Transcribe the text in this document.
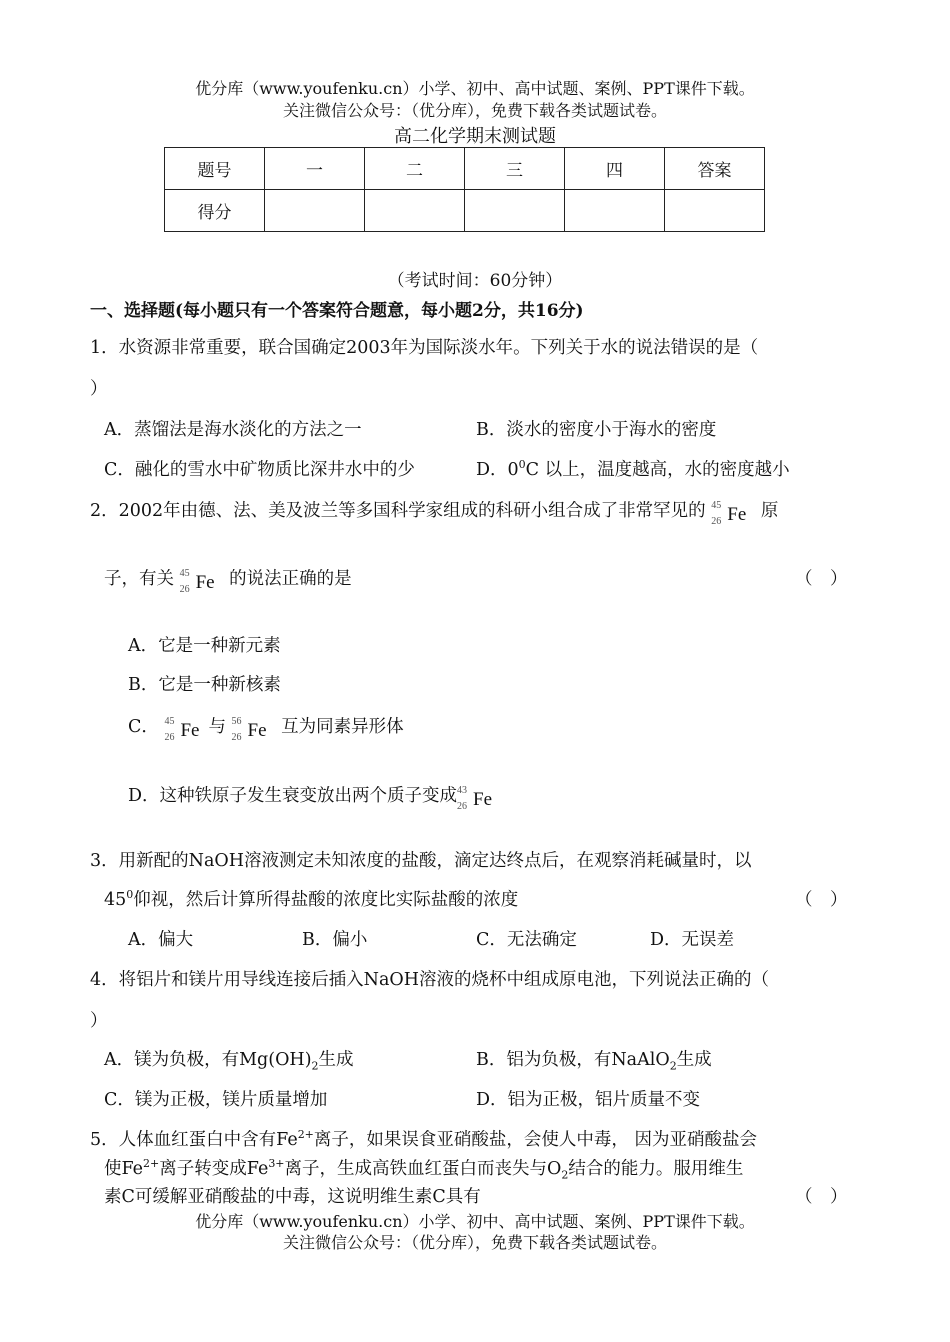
优分库（www.youfenku.cn）小学、初中、高中试题、案例、PPT课件下载。
关注微信公众号：（优分库），免费下载各类试题试卷。
高二化学期末测试题
题号	一	二	三	四	答案
得分					
（考试时间：60分钟）
一、选择题(每小题只有一个答案符合题意，每小题2分，共16分)
1．水资源非常重要，联合国确定2003年为国际淡水年。下列关于水的说法错误的是（
）
A．蒸馏法是海水淡化的方法之一	B．淡水的密度小于海水的密度
C．融化的雪水中矿物质比深井水中的少	D．$0^0C$ 以上，温度越高，水的密度越小
2．2002年由德、法、美及波兰等多国科学家组成的科研小组合成了非常罕见的 45
26 Fe 原
子，有关 45
26 Fe 的说法正确的是	（　）
A．它是一种新元素
B．它是一种新核素
C． 45
26 Fe 与 56
26 Fe 互为同素异形体
D．这种铁原子发生衰变放出两个质子变成 43
26 Fe
3．用新配的NaOH溶液测定未知浓度的盐酸，滴定达终点后，在观察消耗碱量时，以
$45^0$仰视，然后计算所得盐酸的浓度比实际盐酸的浓度	（　）
A．偏大	B．偏小	C．无法确定	D．无误差
4．将铝片和镁片用导线连接后插入NaOH溶液的烧杯中组成原电池，下列说法正确的（
）
A．镁为负极，有$Mg(OH)_2$生成	B．铝为负极，有NaAlO$_2$生成
C．镁为正极，镁片质量增加	D．铝为正极，铝片质量不变
5．人体血红蛋白中含有$Fe^{2+}$离子，如果误食亚硝酸盐，会使人中毒， 因为亚硝酸盐会
使$Fe^{2+}$离子转变成$Fe^{3+}$离子，生成高铁血红蛋白而丧失与$O_2$结合的能力。服用维生
素C可缓解亚硝酸盐的中毒，这说明维生素C具有	（　）
优分库（www.youfenku.cn）小学、初中、高中试题、案例、PPT课件下载。
关注微信公众号：（优分库），免费下载各类试题试卷。
